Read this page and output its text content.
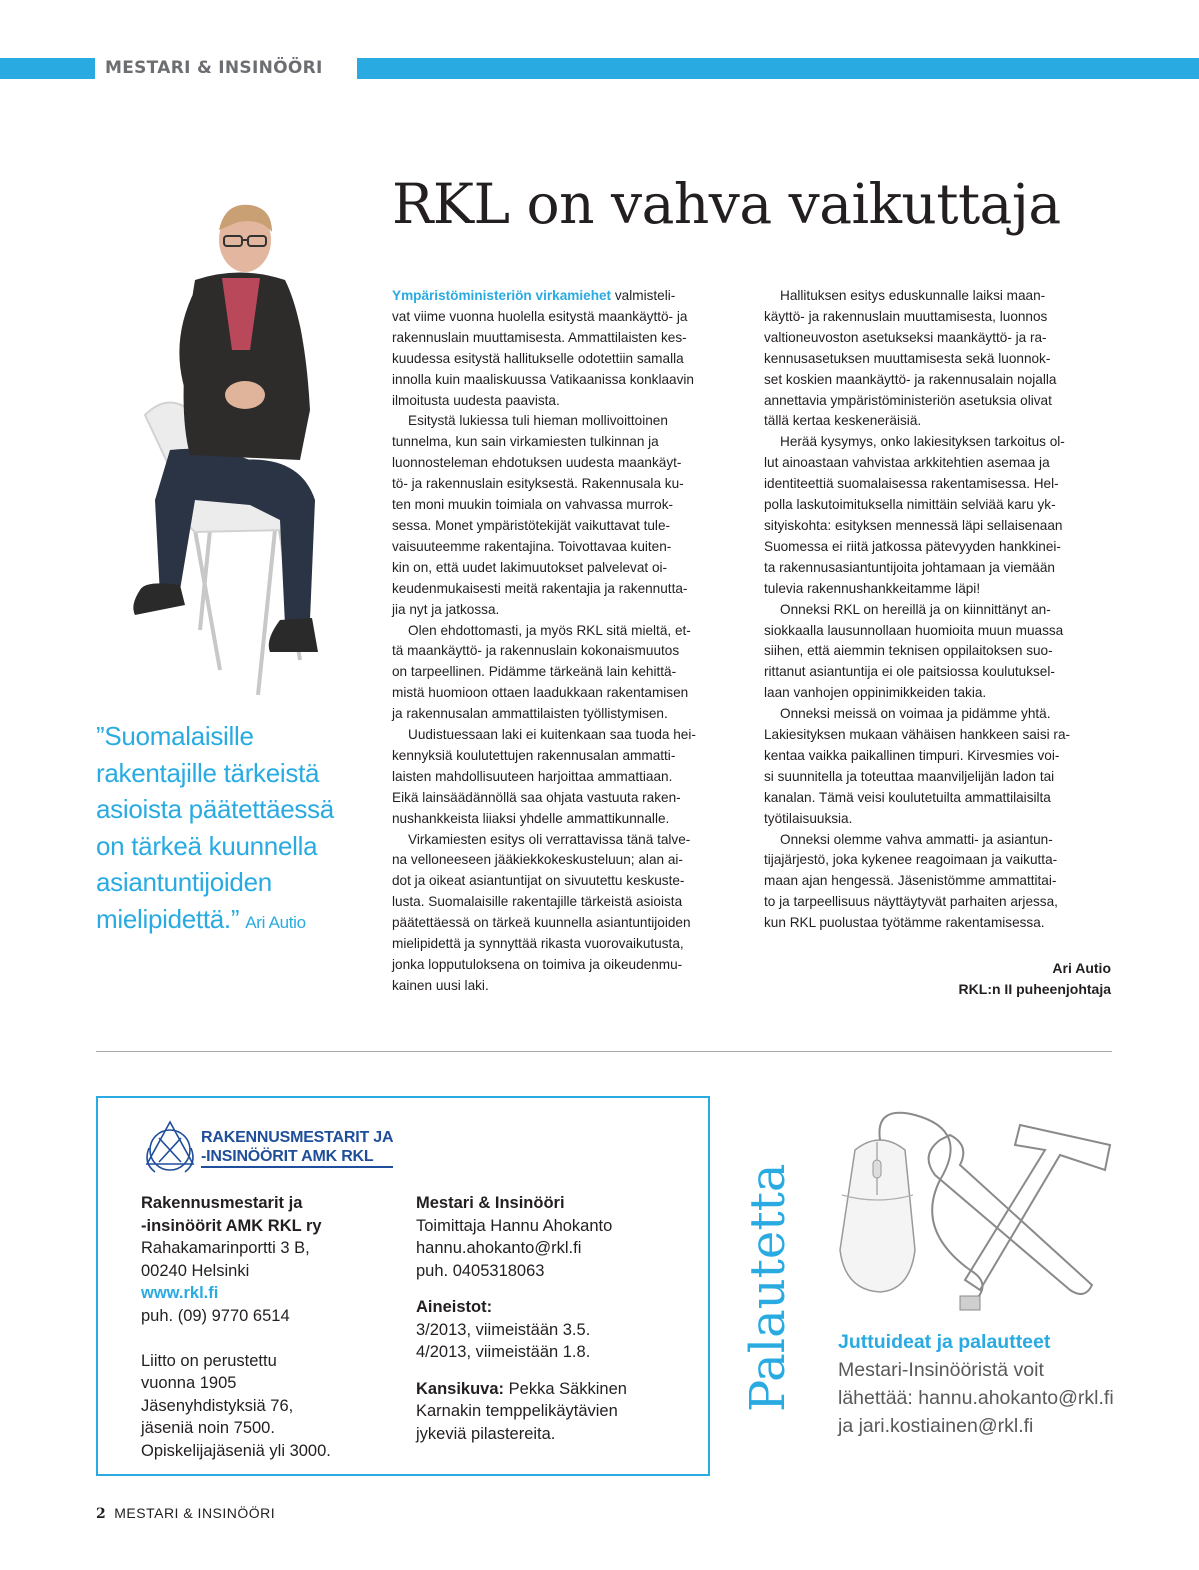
MESTARI & INSINÖÖRI
RKL on vahva vaikuttaja

Ympäristöministeriön virkamiehet valmisteli-
vat viime vuonna huolella esitystä maankäyttö- ja
rakennuslain muuttamisesta. Ammattilaisten kes-
kuudessa esitystä hallitukselle odotettiin samalla
innolla kuin maaliskuussa Vatikaanissa konklaavin
ilmoitusta uudesta paavista.

Esitystä lukiessa tuli hieman mollivoittoinen
tunnelma, kun sain virkamiesten tulkinnan ja
luonnosteleman ehdotuksen uudesta maankäyt-
tö- ja rakennuslain esityksestä. Rakennusala ku-
ten moni muukin toimiala on vahvassa murrok-
sessa. Monet ympäristötekijät vaikuttavat tule-
vaisuuteemme rakentajina. Toivottavaa kuiten-
kin on, että uudet lakimuutokset palvelevat oi-
keudenmukaisesti meitä rakentajia ja rakennutta-
jia nyt ja jatkossa.

Olen ehdottomasti, ja myös RKL sitä mieltä, et-
tä maankäyttö- ja rakennuslain kokonaismuutos
on tarpeellinen. Pidämme tärkeänä lain kehittä-
mistä huomioon ottaen laadukkaan rakentamisen
ja rakennusalan ammattilaisten työllistymisen.

Uudistuessaan laki ei kuitenkaan saa tuoda hei-
kennyksiä koulutettujen rakennusalan ammatti-
laisten mahdollisuuteen harjoittaa ammattiaan.
Eikä lainsäädännöllä saa ohjata vastuuta raken-
nushankkeista liiaksi yhdelle ammattikunnalle.

Virkamiesten esitys oli verrattavissa tänä talve-
na velloneeseen jääkiekkokeskusteluun; alan ai-
dot ja oikeat asiantuntijat on sivuutettu keskuste-
lusta. Suomalaisille rakentajille tärkeistä asioista
päätettäessä on tärkeä kuunnella asiantuntijoiden
mielipidettä ja synnyttää rikasta vuorovaikutusta,
jonka lopputuloksena on toimiva ja oikeudenmu-
kainen uusi laki.

Hallituksen esitys eduskunnalle laiksi maan-
käyttö- ja rakennuslain muuttamisesta, luonnos
valtioneuvoston asetukseksi maankäyttö- ja ra-
kennusasetuksen muuttamisesta sekä luonnok-
set koskien maankäyttö- ja rakennusalain nojalla
annettavia ympäristöministeriön asetuksia olivat
tällä kertaa keskeneräisiä.

Herää kysymys, onko lakiesityksen tarkoitus ol-
lut ainoastaan vahvistaa arkkitehtien asemaa ja
identiteettiä suomalaisessa rakentamisessa. Hel-
polla laskutoimituksella nimittäin selviää karu yk-
sityiskohta: esityksen mennessä läpi sellaisenaan
Suomessa ei riitä jatkossa pätevyyden hankkinei-
ta rakennusasiantuntijoita johtamaan ja viemään
tulevia rakennushankkeitamme läpi!

Onneksi RKL on hereillä ja on kiinnittänyt an-
siokkaalla lausunnollaan huomioita muun muassa
siihen, että aiemmin teknisen oppilaitoksen suo-
rittanut asiantuntija ei ole paitsiossa koulutuksel-
laan vanhojen oppinimikkeiden takia.

Onneksi meissä on voimaa ja pidämme yhtä.
Lakiesityksen mukaan vähäisen hankkeen saisi ra-
kentaa vaikka paikallinen timpuri. Kirvesmies voi-
si suunnitella ja toteuttaa maanviljelijän ladon tai
kanalan. Tämä veisi koulutetuilta ammattilaisilta
työtilaisuuksia.

Onneksi olemme vahva ammatti- ja asiantun-
tijajärjestö, joka kykenee reagoimaan ja vaikutta-
maan ajan hengessä. Jäsenistömme ammattitai-
to ja tarpeellisuus näyttäytyvät parhaiten arjessa,
kun RKL puolustaa työtämme rakentamisessa.

Ari Autio
RKL:n II puheenjohtaja
”Suomalaisille
rakentajille tärkeistä
asioista päätettäessä
on tärkeä kuunnella
asiantuntijoiden
mielipidettä.” Ari Autio
RAKENNUSMESTARIT JA
-INSINÖÖRIT AMK RKL
Rakennusmestarit ja
-insinöörit AMK RKL ry
Rahakamarinportti 3 B,
00240 Helsinki
www.rkl.fi
puh. (09) 9770 6514

Liitto on perustettu
vuonna 1905
Jäsenyhdistyksiä 76,
jäseniä noin 7500.
Opiskelijajäseniä yli 3000.
Mestari & Insinööri
Toimittaja Hannu Ahokanto
hannu.ahokanto@rkl.fi
puh. 0405318063

Aineistot:
3/2013, viimeistään 3.5.
4/2013, viimeistään 1.8.

Kansikuva: Pekka Säkkinen
Karnakin temppelikäytävien
jykeviä pilastereita.
Palautetta Juttuideat ja palautteet
Mestari-Insinööristä voit
lähettää: hannu.ahokanto@rkl.fi
ja jari.kostiainen@rkl.fi
2 MESTARI & INSINÖÖRI
